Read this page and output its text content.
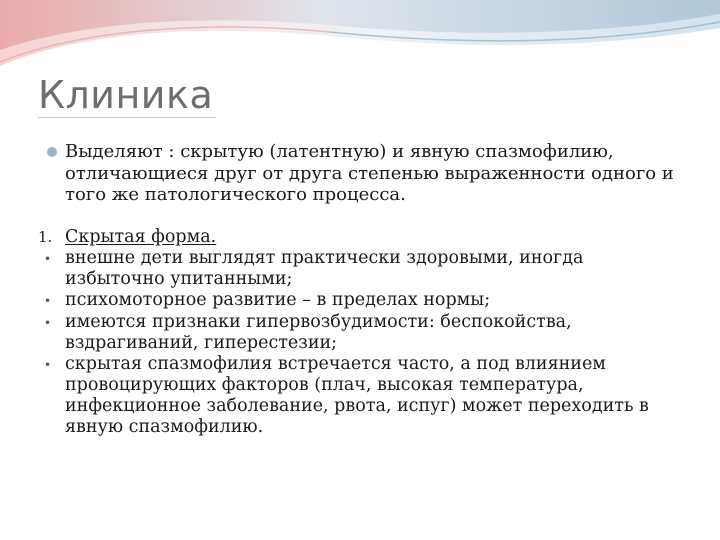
Клиника
Выделяют : скрытую (латентную) и явную спазмофилию, отличающиеся друг от друга степенью выраженности одного и того же патологического процесса.
1. Скрытая форма.
• внешне дети выглядят практически здоровыми, иногда избыточно упитанными;
• психомоторное развитие – в пределах нормы;
• имеются признаки гипервозбудимости: беспокойства, вздрагиваний, гиперестезии;
• скрытая спазмофилия встречается часто, а под влиянием провоцирующих факторов (плач, высокая температура, инфекционное заболевание, рвота, испуг) может переходить в явную спазмофилию.
